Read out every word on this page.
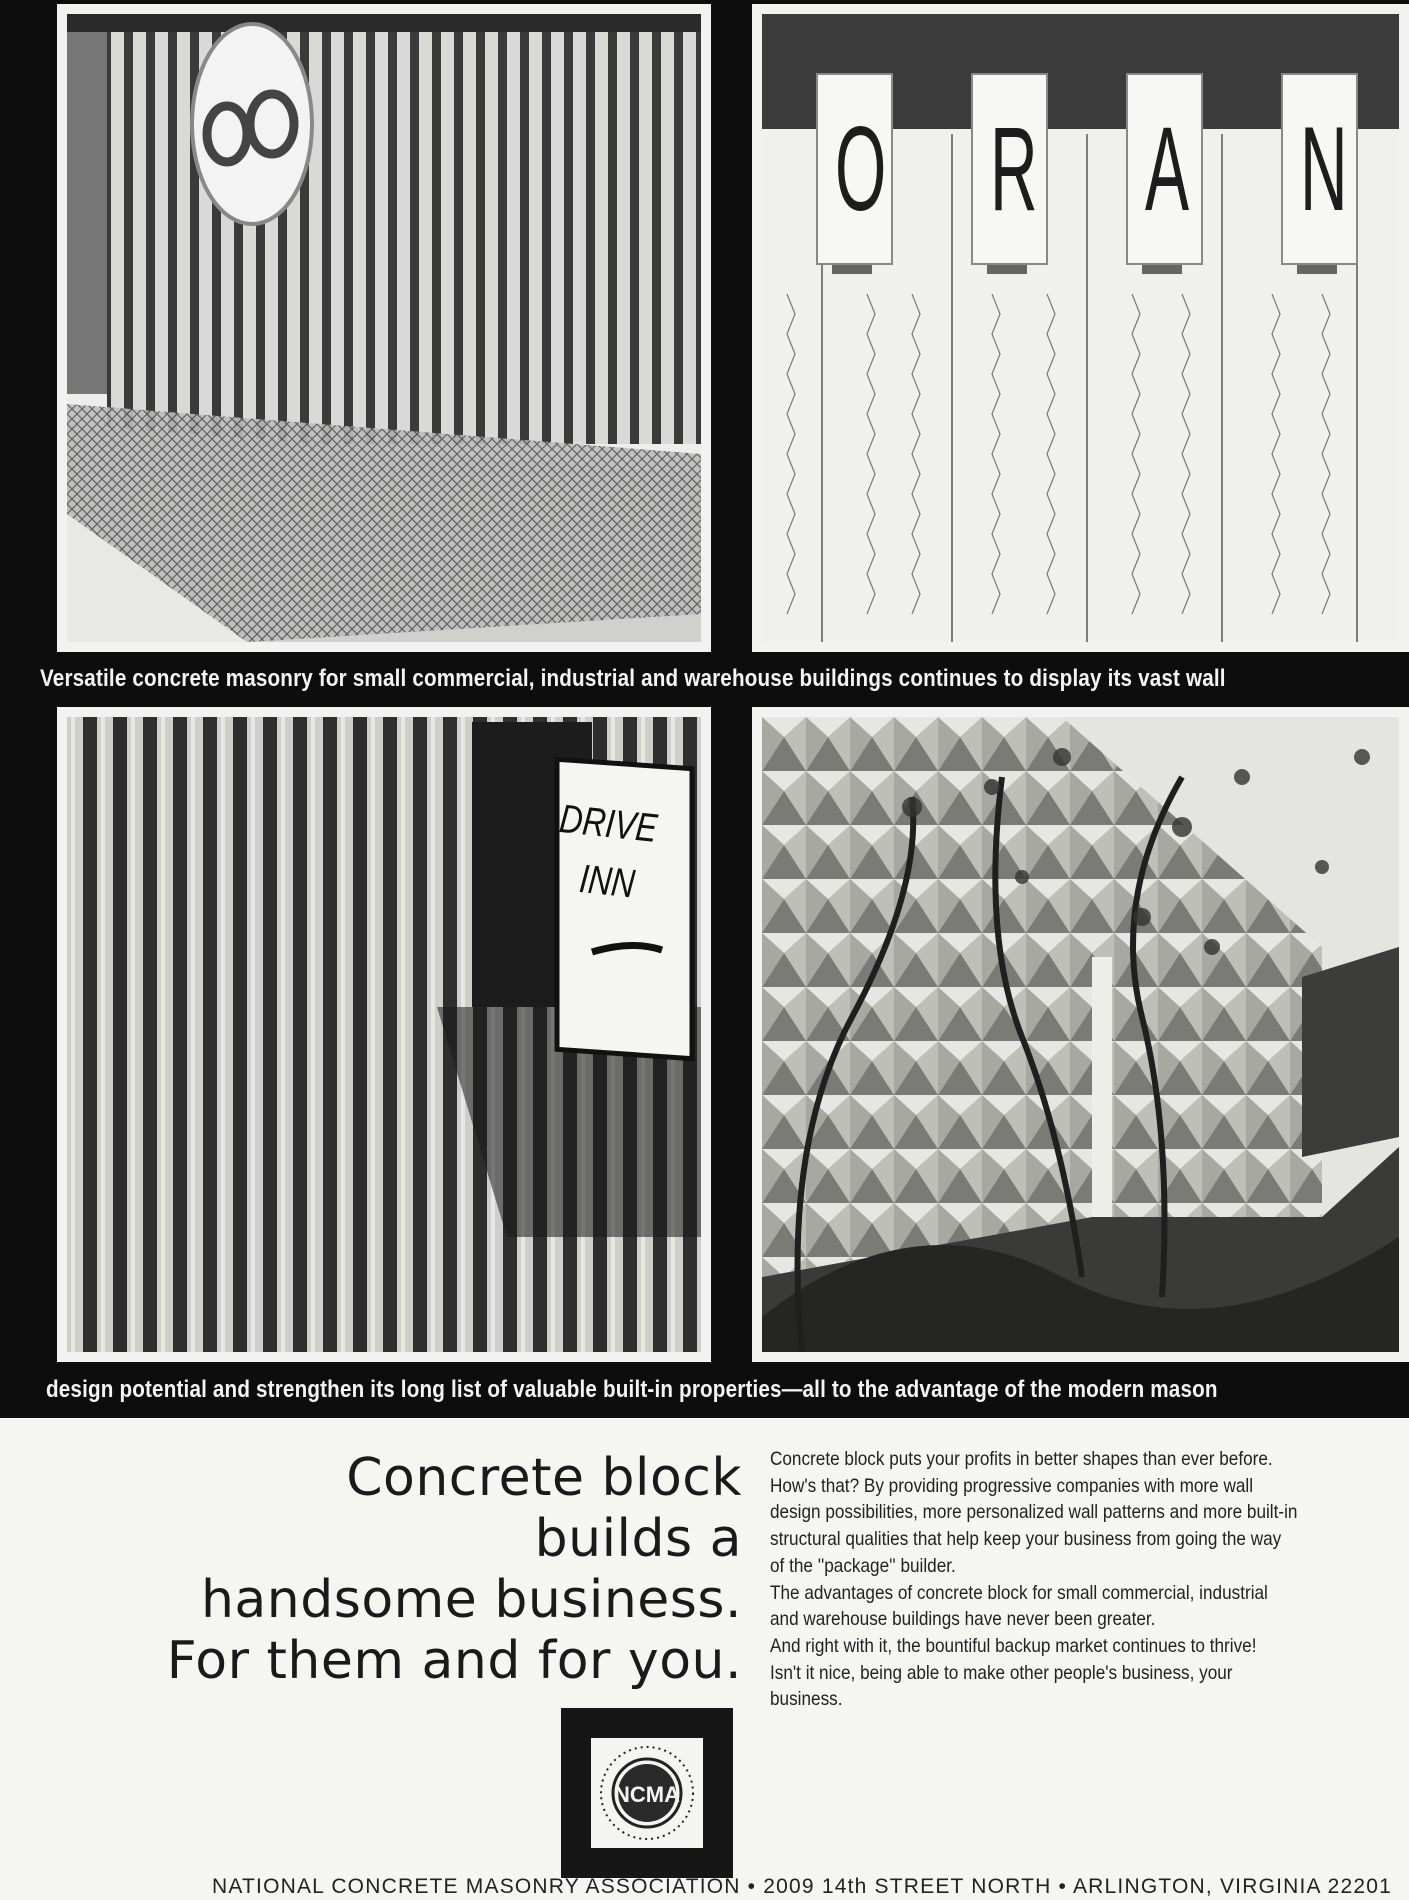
O R A N
Versatile concrete masonry for small commercial, industrial and warehouse buildings continues to display its vast wall
DRIVE
INN
design potential and strengthen its long list of valuable built-in properties—all to the advantage of the modern mason
Concrete block
builds a
handsome business.
For them and for you.

Concrete block puts your profits in better shapes than ever before.

How's that? By providing progressive companies with more wall design possibilities, more personalized wall patterns and more built-in structural qualities that help keep your business from going the way of the ''package'' builder.

The advantages of concrete block for small commercial, industrial and warehouse buildings have never been greater.

And right with it, the bountiful backup market continues to thrive!

Isn't it nice, being able to make other people's business, your business.

NCMA
NATIONAL CONCRETE MASONRY ASSOCIATION • 2009 14th STREET NORTH • ARLINGTON, VIRGINIA 22201
